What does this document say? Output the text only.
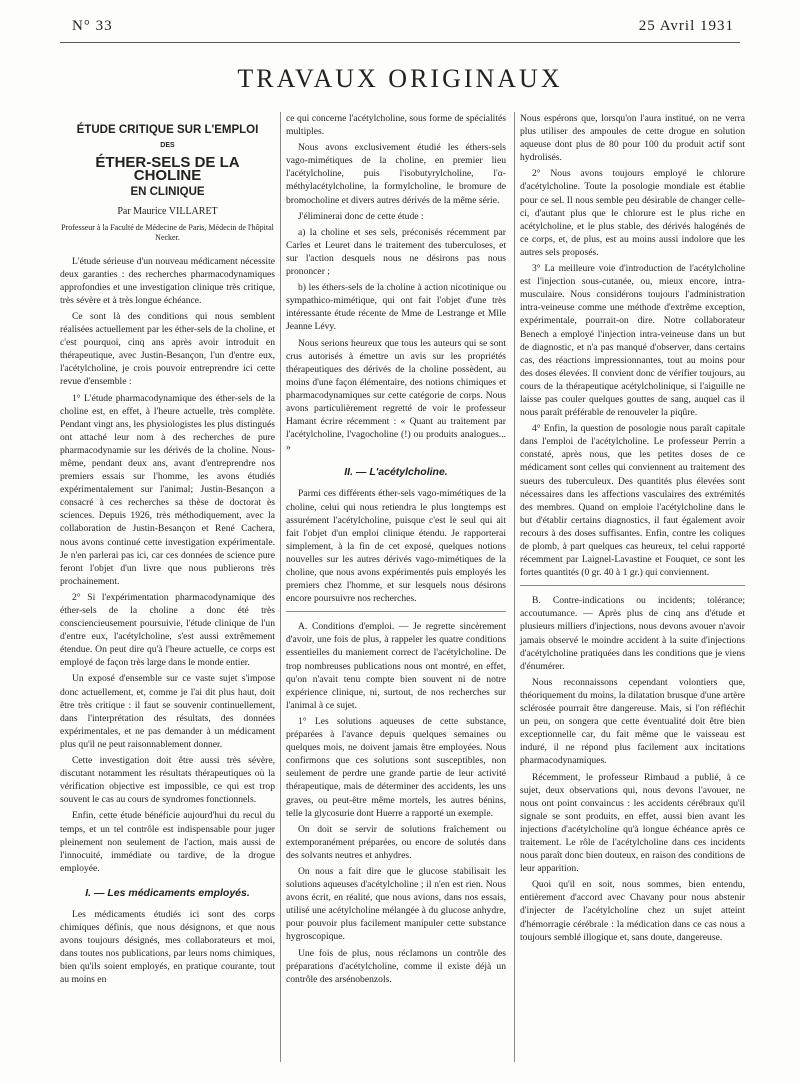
N° 33	25 Avril 1931
TRAVAUX ORIGINAUX
ÉTUDE CRITIQUE SUR L'EMPLOI
DES
ÉTHER-SELS DE LA CHOLINE
EN CLINIQUE
Par Maurice VILLARET
Professeur à la Faculté de Médecine de Paris, Médecin de l'hôpital Necker.

L'étude sérieuse d'un nouveau médicament nécessite deux garanties : des recherches pharmacodynamiques approfondies et une investigation clinique très critique, très sévère et à très longue échéance.

Ce sont là des conditions qui nous semblent réalisées actuellement par les éther-sels de la choline, et c'est pourquoi, cinq ans après avoir introduit en thérapeutique, avec Justin-Besançon, l'un d'entre eux, l'acétylcholine, je crois pouvoir entreprendre ici cette revue d'ensemble :

1° L'étude pharmacodynamique des éther-sels de la choline est, en effet, à l'heure actuelle, très complète. Pendant vingt ans, les physiologistes les plus distingués ont attaché leur nom à des recherches de pure pharmacodynamie sur les dérivés de la choline. Nous-même, pendant deux ans, avant d'entreprendre nos premiers essais sur l'homme, les avons étudiés expérimentalement sur l'animal; Justin-Besançon a consacré à ces recherches sa thèse de doctorat ès sciences. Depuis 1926, très méthodiquement, avec la collaboration de Justin-Besançon et René Cachera, nous avons continué cette investigation expérimentale. Je n'en parlerai pas ici, car ces données de science pure feront l'objet d'un livre que nous publierons très prochainement.

2° Si l'expérimentation pharmacodynamique des éther-sels de la choline a donc été très consciencieusement poursuivie, l'étude clinique de l'un d'entre eux, l'acétylcholine, s'est aussi extrêmement étendue. On peut dire qu'à l'heure actuelle, ce corps est employé de façon très large dans le monde entier.

Un exposé d'ensemble sur ce vaste sujet s'impose donc actuellement, et, comme je l'ai dit plus haut, doit être très critique : il faut se souvenir continuellement, dans l'interprétation des résultats, des données expérimentales, et ne pas demander à un médicament plus qu'il ne peut raisonnablement donner.

Cette investigation doit être aussi très sévère, discutant notamment les résultats thérapeutiques où la vérification objective est impossible, ce qui est trop souvent le cas au cours de syndromes fonctionnels.

Enfin, cette étude bénéficie aujourd'hui du recul du temps, et un tel contrôle est indispensable pour juger pleinement non seulement de l'action, mais aussi de l'innocuité, immédiate ou tardive, de la drogue employée.

I. — Les médicaments employés.

Les médicaments étudiés ici sont des corps chimiques définis, que nous désignons, et que nous avons toujours désignés, mes collaborateurs et moi, dans toutes nos publications, par leurs noms chimiques, bien qu'ils soient employés, en pratique courante, tout au moins en

ce qui concerne l'acétylcholine, sous forme de spécialités multiples.

Nous avons exclusivement étudié les éthers-sels vago-mimétiques de la choline, en premier lieu l'acétylcholine, puis l'isobutyrylcholine, l'α-méthylacétylcholine, la formylcholine, le bromure de bromocholine et divers autres dérivés de la même série.

J'éliminerai donc de cette étude :

a) la choline et ses sels, préconisés récemment par Carles et Leuret dans le traitement des tuberculoses, et sur l'action desquels nous ne désirons pas nous prononcer ;

b) les éthers-sels de la choline à action nicotinique ou sympathico-mimétique, qui ont fait l'objet d'une très intéressante étude récente de Mme de Lestrange et Mlle Jeanne Lévy.

Nous serions heureux que tous les auteurs qui se sont crus autorisés à émettre un avis sur les propriétés thérapeutiques des dérivés de la choline possèdent, au moins d'une façon élémentaire, des notions chimiques et pharmacodynamiques sur cette catégorie de corps. Nous avons particulièrement regretté de voir le professeur Hamant écrire récemment : « Quant au traitement par l'acétylcholine, l'vagocholine (!) ou produits analogues... »

II. — L'acétylcholine.

Parmi ces différents éther-sels vago-mimétiques de la choline, celui qui nous retiendra le plus longtemps est assurément l'acétylcholine, puisque c'est le seul qui ait fait l'objet d'un emploi clinique étendu. Je rapporterai simplement, à la fin de cet exposé, quelques notions nouvelles sur les autres dérivés vago-mimétiques de la choline, que nous avons expérimentés puis employés les premiers chez l'homme, et sur lesquels nous désirons encore poursuivre nos recherches.

A. Conditions d'emploi. — Je regrette sincèrement d'avoir, une fois de plus, à rappeler les quatre conditions essentielles du maniement correct de l'acétylcholine. De trop nombreuses publications nous ont montré, en effet, qu'on n'avait tenu compte bien souvent ni de notre expérience clinique, ni, surtout, de nos recherches sur l'animal à ce sujet.

1° Les solutions aqueuses de cette substance, préparées à l'avance depuis quelques semaines ou quelques mois, ne doivent jamais être employées. Nous confirmons que ces solutions sont susceptibles, non seulement de perdre une grande partie de leur activité thérapeutique, mais de déterminer des accidents, les uns graves, ou peut-être même mortels, les autres bénins, telle la glycosurie dont Huerre a rapporté un exemple.

On doit se servir de solutions fraîchement ou extemporanément préparées, ou encore de solutés dans des solvants neutres et anhydres.

On nous a fait dire que le glucose stabilisait les solutions aqueuses d'acétylcholine ; il n'en est rien. Nous avons écrit, en réalité, que nous avions, dans nos essais, utilisé une acétylcholine mélangée à du glucose anhydre, pour pouvoir plus facilement manipuler cette substance hygroscopique.

Une fois de plus, nous réclamons un contrôle des préparations d'acétylcholine, comme il existe déjà un contrôle des arsénobenzols.

Nous espérons que, lorsqu'on l'aura institué, on ne verra plus utiliser des ampoules de cette drogue en solution aqueuse dont plus de 80 pour 100 du produit actif sont hydrolisés.

2° Nous avons toujours employé le chlorure d'acétylcholine. Toute la posologie mondiale est établie pour ce sel. Il nous semble peu désirable de changer celle-ci, d'autant plus que le chlorure est le plus riche en acétylcholine, et le plus stable, des dérivés halogénés de ce corps, et, de plus, est au moins aussi indolore que les autres sels proposés.

3° La meilleure voie d'introduction de l'acétylcholine est l'injection sous-cutanée, ou, mieux encore, intra-musculaire. Nous considérons toujours l'administration intra-veineuse comme une méthode d'extrême exception, expérimentale, pourrait-on dire. Notre collaborateur Benech a employé l'injection intra-veineuse dans un but de diagnostic, et n'a pas manqué d'observer, dans certains cas, des réactions impressionnantes, tout au moins pour des doses élevées. Il convient donc de vérifier toujours, au cours de la thérapeutique acétylcholinique, si l'aiguille ne laisse pas couler quelques gouttes de sang, auquel cas il nous paraît préférable de renouveler la piqûre.

4° Enfin, la question de posologie nous paraît capitale dans l'emploi de l'acétylcholine. Le professeur Perrin a constaté, après nous, que les petites doses de ce médicament sont celles qui conviennent au traitement des sueurs des tuberculeux. Des quantités plus élevées sont nécessaires dans les affections vasculaires des extrémités des membres. Quand on emploie l'acétylcholine dans le but d'établir certains diagnostics, il faut également avoir recours à des doses suffisantes. Enfin, contre les coliques de plomb, à part quelques cas heureux, tel celui rapporté récemment par Laignel-Lavastine et Fouquet, ce sont les fortes quantités (0 gr. 40 à 1 gr.) qui conviennent.

B. Contre-indications ou incidents; tolérance; accoutumance. — Après plus de cinq ans d'étude et plusieurs milliers d'injections, nous devons avouer n'avoir jamais observé le moindre accident à la suite d'injections d'acétylcholine pratiquées dans les conditions que je viens d'énumérer.

Nous reconnaissons cependant volontiers que, théoriquement du moins, la dilatation brusque d'une artère sclérosée pourrait être dangereuse. Mais, si l'on réfléchit un peu, on songera que cette éventualité doit être bien exceptionnelle car, du fait même que le vaisseau est induré, il ne répond plus facilement aux incitations pharmacodynamiques.

Récemment, le professeur Rimbaud a publié, à ce sujet, deux observations qui, nous devons l'avouer, ne nous ont point convaincus : les accidents cérébraux qu'il signale se sont produits, en effet, aussi bien avant les injections d'acétylcholine qu'à longue échéance après ce traitement. Le rôle de l'acétylcholine dans ces incidents nous paraît donc bien douteux, en raison des conditions de leur apparition.

Quoi qu'il en soit, nous sommes, bien entendu, entièrement d'accord avec Chavany pour nous abstenir d'injecter de l'acétylcholine chez un sujet atteint d'hémorragie cérébrale : la médication dans ce cas nous a toujours semblé illogique et, sans doute, dangereuse.
